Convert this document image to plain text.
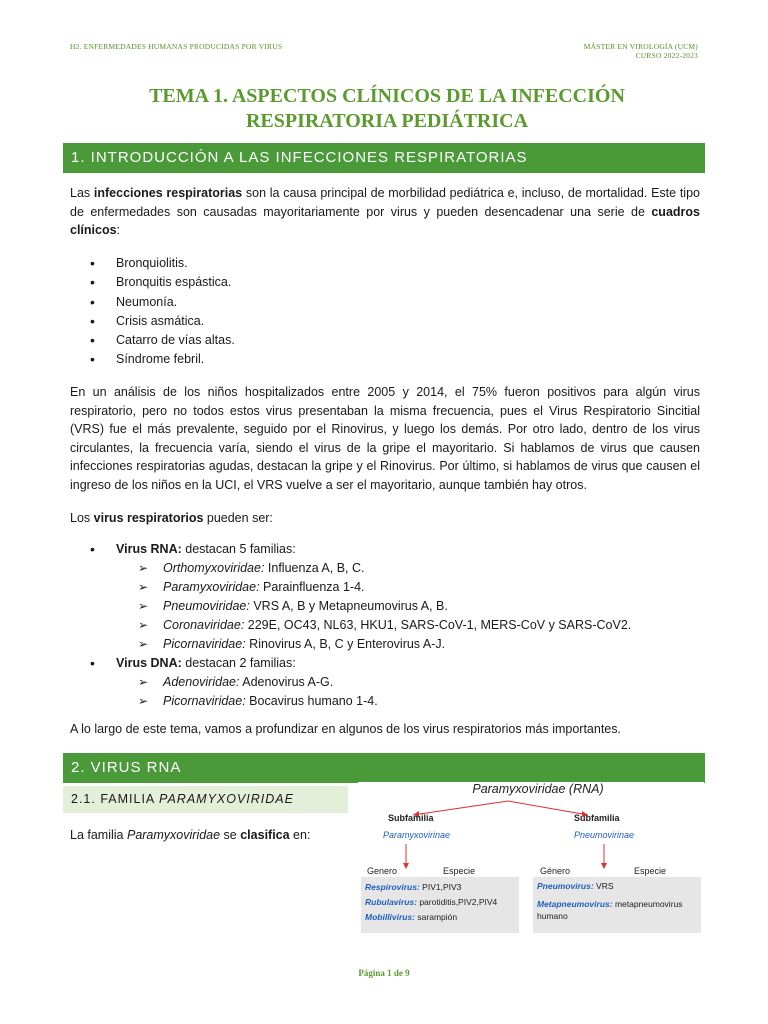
H2. ENFERMEDADES HUMANAS PRODUCIDAS POR VIRUS	MÁSTER EN VIROLOGÍA (UCM)
CURSO 2022-2023
TEMA 1. ASPECTOS CLÍNICOS DE LA INFECCIÓN
RESPIRATORIA PEDIÁTRICA
1. INTRODUCCIÓN A LAS INFECCIONES RESPIRATORIAS

Las infecciones respiratorias son la causa principal de morbilidad pediátrica e, incluso, de mortalidad. Este tipo de enfermedades son causadas mayoritariamente por virus y pueden desencadenar una serie de cuadros clínicos:

• Bronquiolitis.
• Bronquitis espástica.
• Neumonía.
• Crisis asmática.
• Catarro de vías altas.
• Síndrome febril.

En un análisis de los niños hospitalizados entre 2005 y 2014, el 75% fueron positivos para algún virus respiratorio, pero no todos estos virus presentaban la misma frecuencia, pues el Virus Respiratorio Sincitial (VRS) fue el más prevalente, seguido por el Rinovirus, y luego los demás. Por otro lado, dentro de los virus circulantes, la frecuencia varía, siendo el virus de la gripe el mayoritario. Si hablamos de virus que causen infecciones respiratorias agudas, destacan la gripe y el Rinovirus. Por último, si hablamos de virus que causen el ingreso de los niños en la UCI, el VRS vuelve a ser el mayoritario, aunque también hay otros.

Los virus respiratorios pueden ser:

• Virus RNA: destacan 5 familias:
➢ Orthomyxoviridae: Influenza A, B, C.
➢ Paramyxoviridae: Parainfluenza 1-4.
➢ Pneumoviridae: VRS A, B y Metapneumovirus A, B.
➢ Coronaviridae: 229E, OC43, NL63, HKU1, SARS-CoV-1, MERS-CoV y SARS-CoV2.
➢ Picornaviridae: Rinovirus A, B, C y Enterovirus A-J.
• Virus DNA: destacan 2 familias:
➢ Adenoviridae: Adenovirus A-G.
➢ Picornaviridae: Bocavirus humano 1-4.

A lo largo de este tema, vamos a profundizar en algunos de los virus respiratorios más importantes.

2. VIRUS RNA
2.1. FAMILIA PARAMYXOVIRIDAE

La familia Paramyxoviridae se clasifica en:

Paramyxoviridae (RNA)
Subfamilia
Paramyxovirinae
Subfamilia
Pneumovirinae
Genero	Especie	Género	Especie
Respirovirus: PIV1,PIV3
Rubulavirus: parotiditis,PIV2,PIV4
Mobillivirus: sarampión
Pneumovirus: VRS
Metapneumovirus: metapneumovirus humano
Página 1 de 9
